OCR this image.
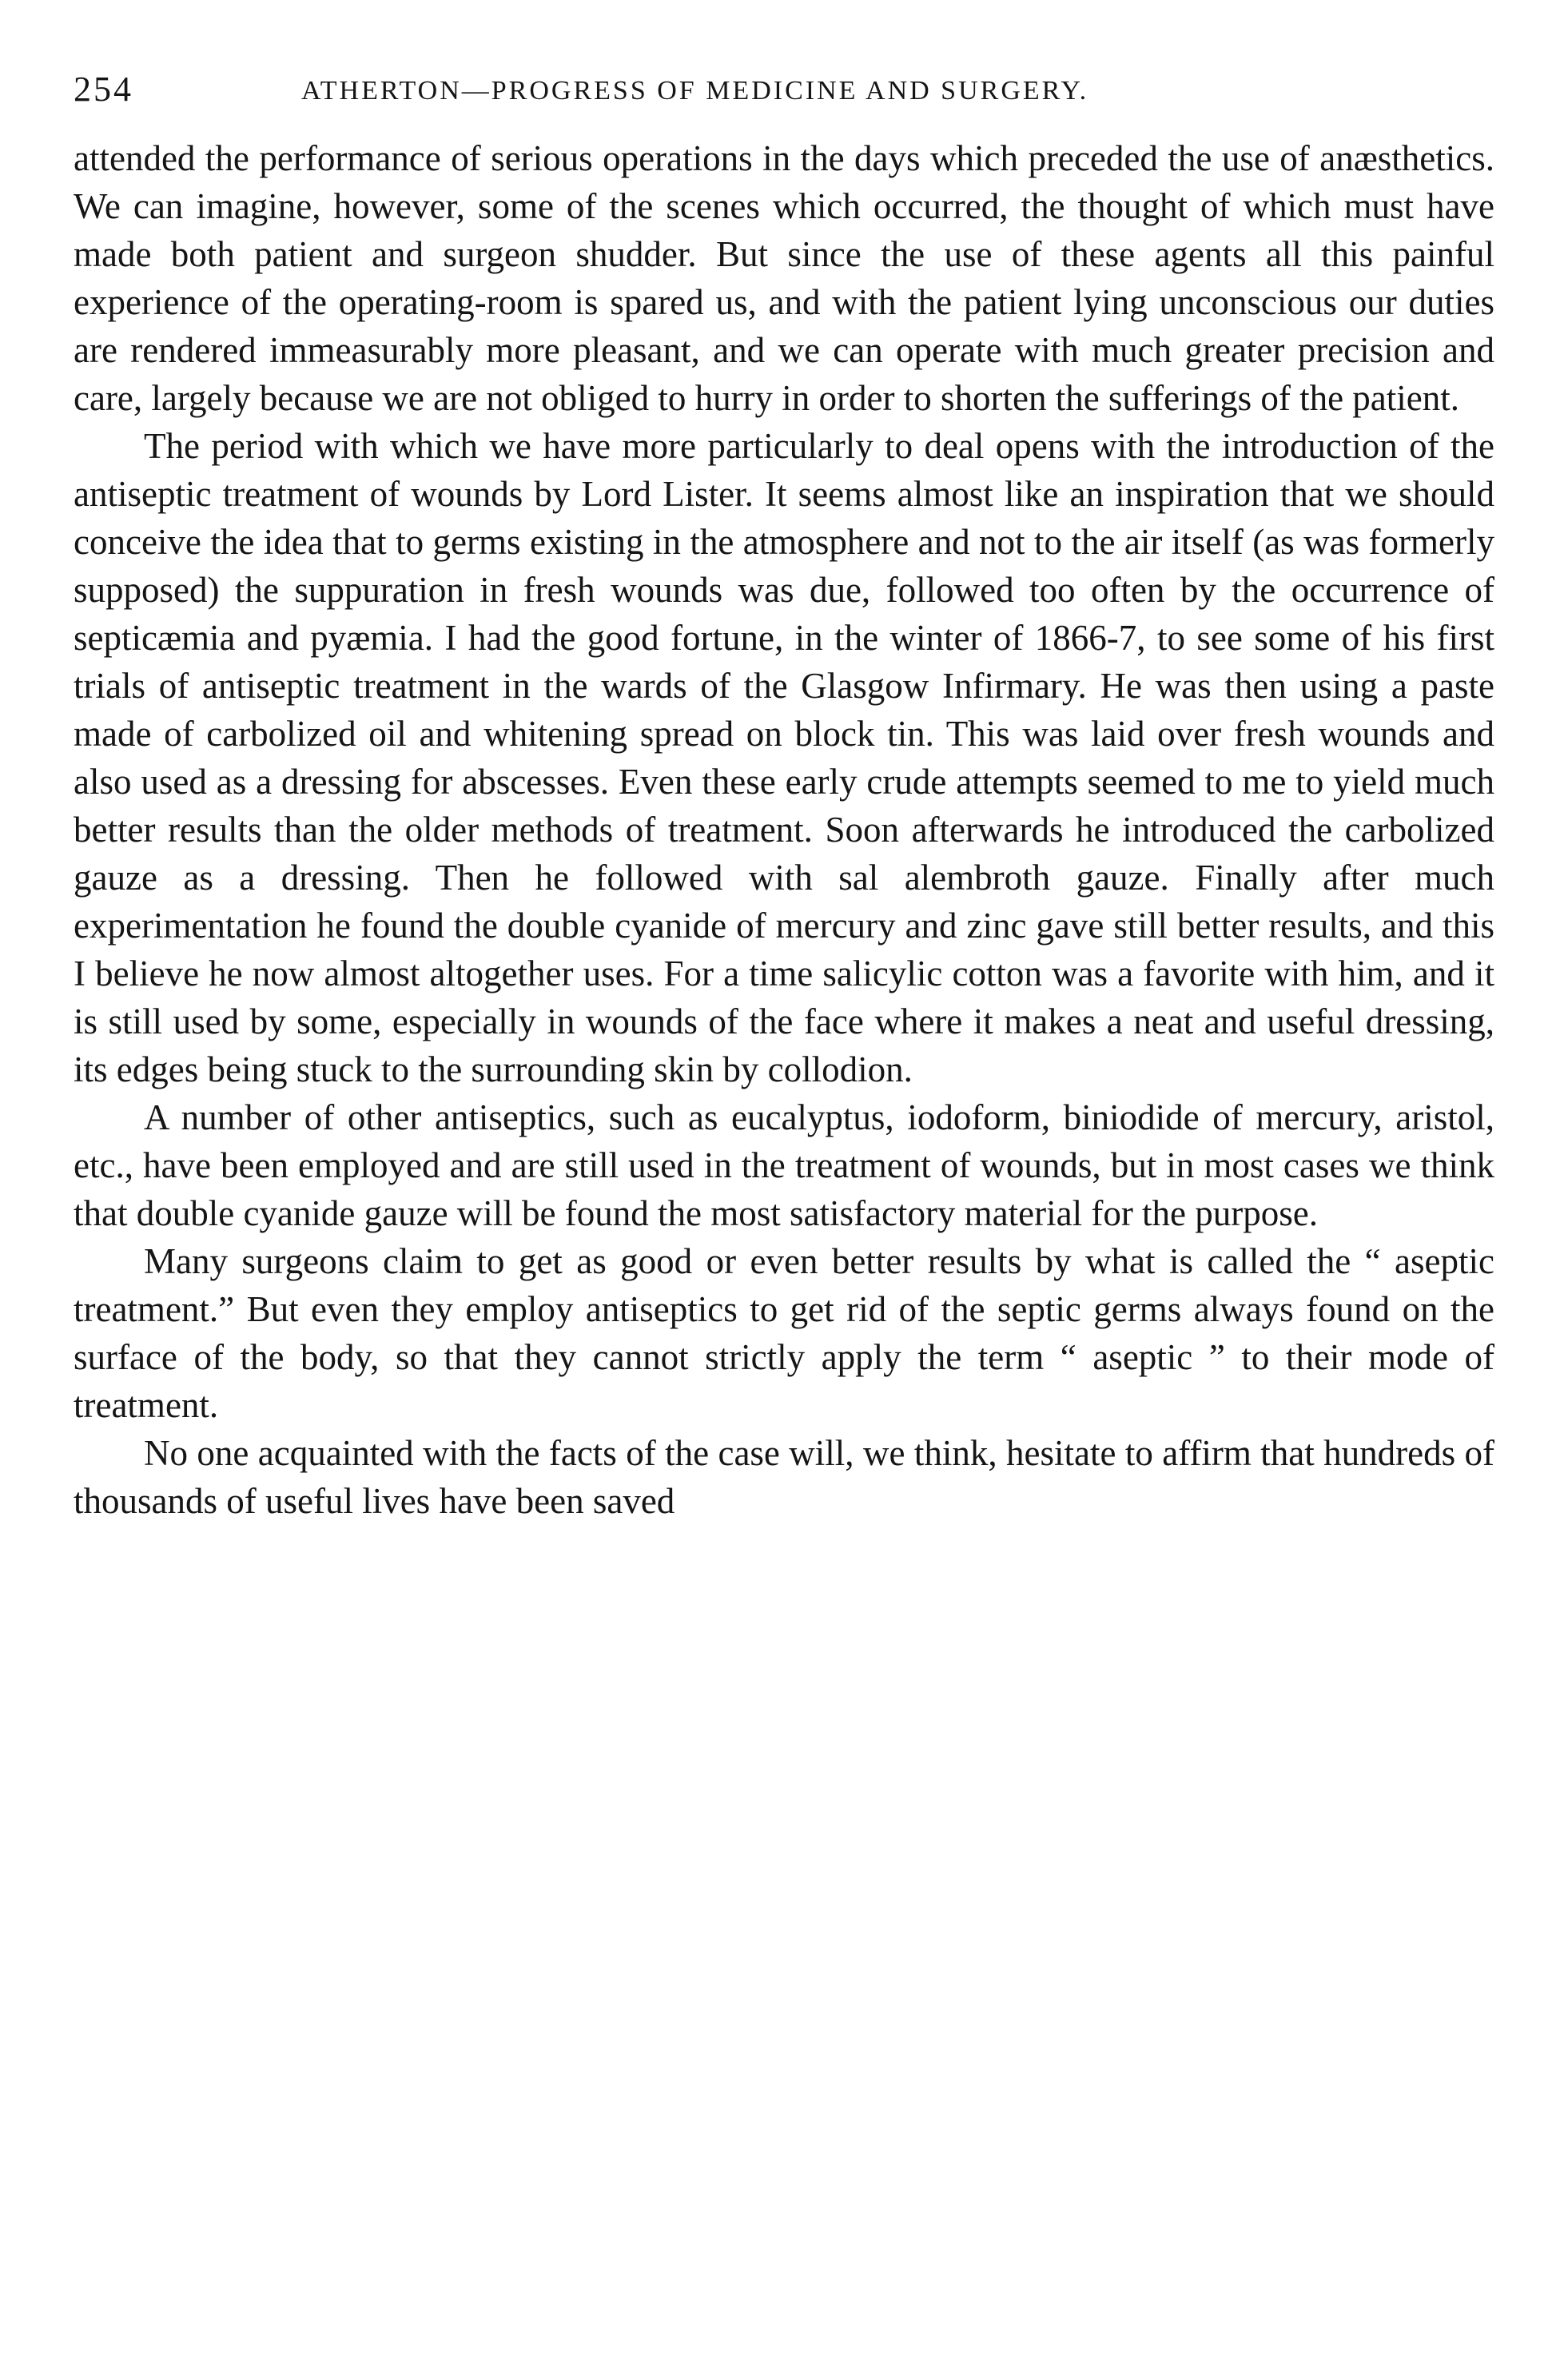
254	ATHERTON—PROGRESS OF MEDICINE AND SURGERY.

attended the performance of serious operations in the days which preceded the use of anæsthetics. We can imagine, however, some of the scenes which occurred, the thought of which must have made both patient and surgeon shudder. But since the use of these agents all this painful experience of the operating-room is spared us, and with the patient lying unconscious our duties are rendered immeasurably more pleasant, and we can operate with much greater precision and care, largely because we are not obliged to hurry in order to shorten the sufferings of the patient.

The period with which we have more particularly to deal opens with the introduction of the antiseptic treatment of wounds by Lord Lister. It seems almost like an inspiration that we should conceive the idea that to germs existing in the atmosphere and not to the air itself (as was formerly supposed) the suppuration in fresh wounds was due, followed too often by the occurrence of septicæmia and pyæmia. I had the good fortune, in the winter of 1866-7, to see some of his first trials of antiseptic treatment in the wards of the Glasgow Infirmary. He was then using a paste made of carbolized oil and whitening spread on block tin. This was laid over fresh wounds and also used as a dressing for abscesses. Even these early crude attempts seemed to me to yield much better results than the older methods of treatment. Soon afterwards he introduced the carbolized gauze as a dressing. Then he followed with sal alembroth gauze. Finally after much experimentation he found the double cyanide of mercury and zinc gave still better results, and this I believe he now almost altogether uses. For a time salicylic cotton was a favorite with him, and it is still used by some, especially in wounds of the face where it makes a neat and useful dressing, its edges being stuck to the surrounding skin by collodion.

A number of other antiseptics, such as eucalyptus, iodoform, biniodide of mercury, aristol, etc., have been employed and are still used in the treatment of wounds, but in most cases we think that double cyanide gauze will be found the most satisfactory material for the purpose.

Many surgeons claim to get as good or even better results by what is called the “ aseptic treatment.” But even they employ antiseptics to get rid of the septic germs always found on the surface of the body, so that they cannot strictly apply the term “ aseptic ” to their mode of treatment.

No one acquainted with the facts of the case will, we think, hesitate to affirm that hundreds of thousands of useful lives have been saved
